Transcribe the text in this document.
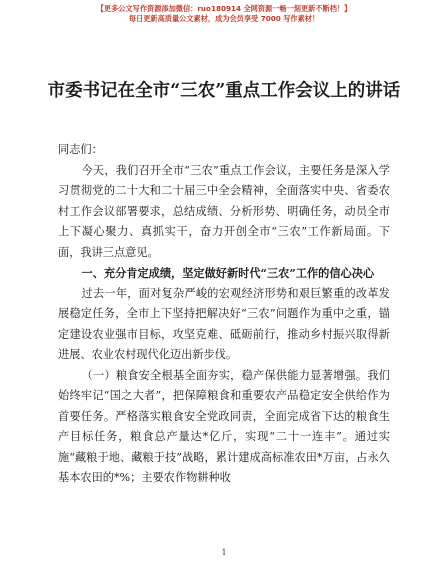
【更多公文写作资源添加微信：ruo180914 全网资源一畅一刻更新不断档！】
每日更新高质量公文素材，成为会员享受 7000 写作素材！
市委书记在全市“三农”重点工作会议上的讲话

同志们：

今天，我们召开全市“三农”重点工作会议，主要任务是深入学习贯彻党的二十大和二十届三中全会精神，全面落实中央、省委农村工作会议部署要求，总结成绩、分析形势、明确任务，动员全市上下凝心聚力、真抓实干，奋力开创全市“三农”工作新局面。下面，我讲三点意见。

一、充分肯定成绩，坚定做好新时代“三农”工作的信心决心

过去一年，面对复杂严峻的宏观经济形势和艰巨繁重的改革发展稳定任务，全市上下坚持把解决好“三农”问题作为重中之重，锚定建设农业强市目标，攻坚克难、砥砺前行，推动乡村振兴取得新进展、农业农村现代化迈出新步伐。

（一）粮食安全根基全面夯实，稳产保供能力显著增强。我们始终牢记“国之大者”，把保障粮食和重要农产品稳定安全供给作为首要任务。严格落实粮食安全党政同责，全面完成省下达的粮食生产目标任务，粮食总产量达*亿斤，实现“二十一连丰”。通过实施“藏粮于地、藏粮于技”战略，累计建成高标准农田*万亩，占永久基本农田的*%；主要农作物耕种收

1
